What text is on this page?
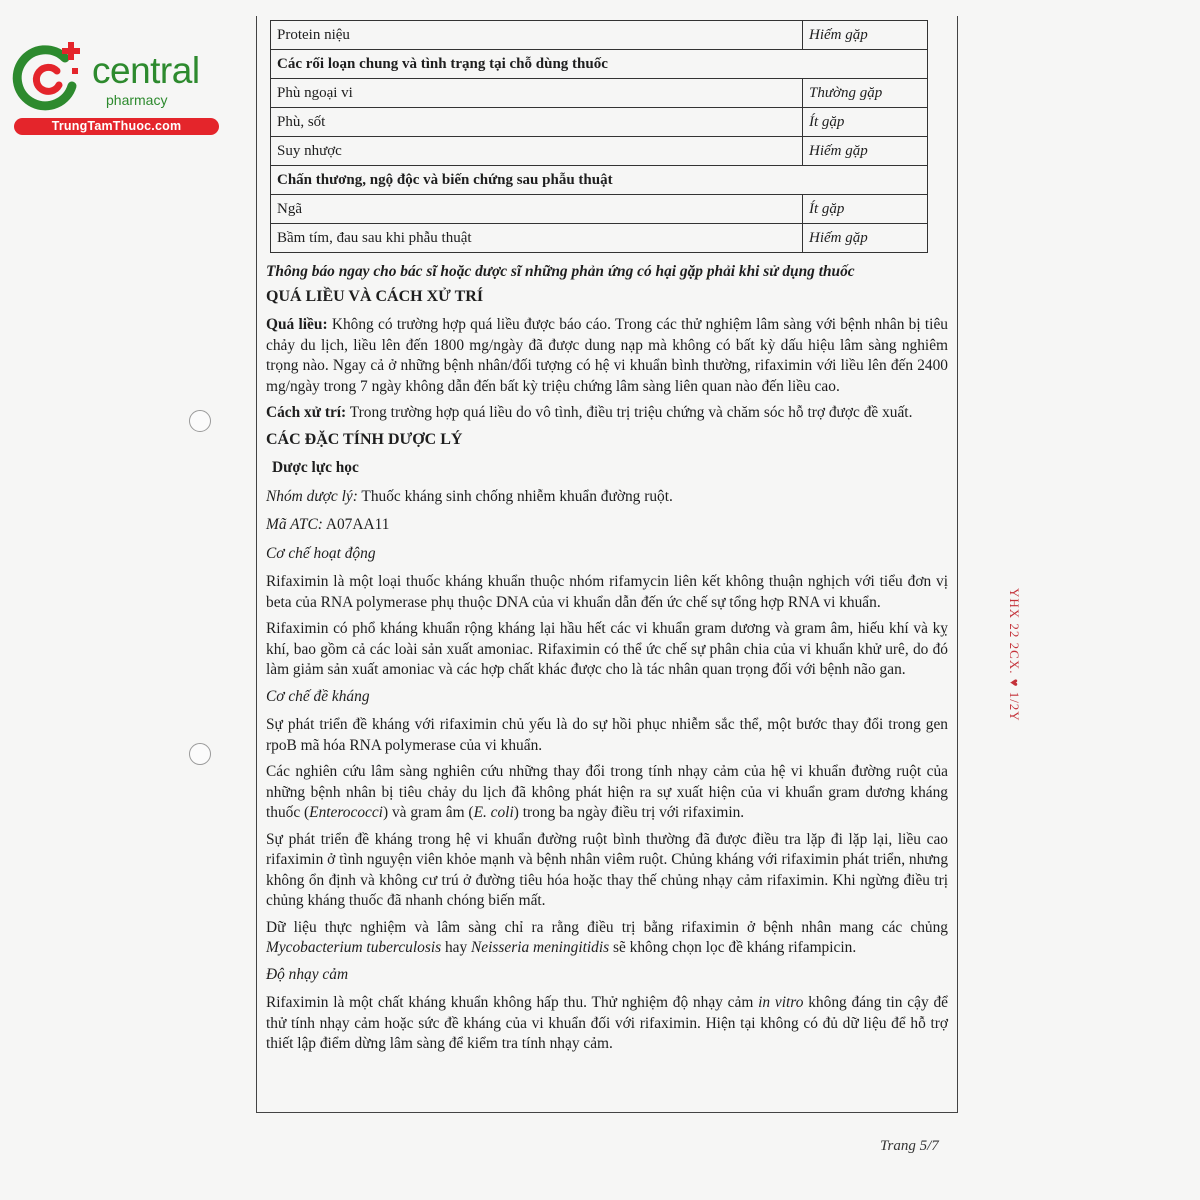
central
pharmacy
TrungTamThuoc.com
Protein niệu	Hiếm gặp
Các rối loạn chung và tình trạng tại chỗ dùng thuốc	
Phù ngoại vi	Thường gặp
Phù, sốt	Ít gặp
Suy nhược	Hiếm gặp
Chấn thương, ngộ độc và biến chứng sau phẫu thuật	
Ngã	Ít gặp
Bầm tím, đau sau khi phẫu thuật	Hiếm gặp

Thông báo ngay cho bác sĩ hoặc dược sĩ những phản ứng có hại gặp phải khi sử dụng thuốc

QUÁ LIỀU VÀ CÁCH XỬ TRÍ

Quá liều: Không có trường hợp quá liều được báo cáo. Trong các thử nghiệm lâm sàng với bệnh nhân bị tiêu chảy du lịch, liều lên đến 1800 mg/ngày đã được dung nạp mà không có bất kỳ dấu hiệu lâm sàng nghiêm trọng nào. Ngay cả ở những bệnh nhân/đối tượng có hệ vi khuẩn bình thường, rifaximin với liều lên đến 2400 mg/ngày trong 7 ngày không dẫn đến bất kỳ triệu chứng lâm sàng liên quan nào đến liều cao.

Cách xử trí: Trong trường hợp quá liều do vô tình, điều trị triệu chứng và chăm sóc hỗ trợ được đề xuất.

CÁC ĐẶC TÍNH DƯỢC LÝ

Dược lực học

Nhóm dược lý: Thuốc kháng sinh chống nhiễm khuẩn đường ruột.

Mã ATC: A07AA11

Cơ chế hoạt động

Rifaximin là một loại thuốc kháng khuẩn thuộc nhóm rifamycin liên kết không thuận nghịch với tiểu đơn vị beta của RNA polymerase phụ thuộc DNA của vi khuẩn dẫn đến ức chế sự tổng hợp RNA vi khuẩn.

Rifaximin có phổ kháng khuẩn rộng kháng lại hầu hết các vi khuẩn gram dương và gram âm, hiếu khí và kỵ khí, bao gồm cả các loài sản xuất amoniac. Rifaximin có thể ức chế sự phân chia của vi khuẩn khử urê, do đó làm giảm sản xuất amoniac và các hợp chất khác được cho là tác nhân quan trọng đối với bệnh não gan.

Cơ chế đề kháng

Sự phát triển đề kháng với rifaximin chủ yếu là do sự hồi phục nhiễm sắc thể, một bước thay đổi trong gen rpoB mã hóa RNA polymerase của vi khuẩn.

Các nghiên cứu lâm sàng nghiên cứu những thay đổi trong tính nhạy cảm của hệ vi khuẩn đường ruột của những bệnh nhân bị tiêu chảy du lịch đã không phát hiện ra sự xuất hiện của vi khuẩn gram dương kháng thuốc (Enterococci) và gram âm (E. coli) trong ba ngày điều trị với rifaximin.

Sự phát triển đề kháng trong hệ vi khuẩn đường ruột bình thường đã được điều tra lặp đi lặp lại, liều cao rifaximin ở tình nguyện viên khỏe mạnh và bệnh nhân viêm ruột. Chủng kháng với rifaximin phát triển, nhưng không ổn định và không cư trú ở đường tiêu hóa hoặc thay thế chủng nhạy cảm rifaximin. Khi ngừng điều trị chủng kháng thuốc đã nhanh chóng biến mất.

Dữ liệu thực nghiệm và lâm sàng chỉ ra rằng điều trị bằng rifaximin ở bệnh nhân mang các chủng Mycobacterium tuberculosis hay Neisseria meningitidis sẽ không chọn lọc đề kháng rifampicin.

Độ nhạy cảm

Rifaximin là một chất kháng khuẩn không hấp thu. Thử nghiệm độ nhạy cảm in vitro không đáng tin cậy để thử tính nhạy cảm hoặc sức đề kháng của vi khuẩn đối với rifaximin. Hiện tại không có đủ dữ liệu để hỗ trợ thiết lập điểm dừng lâm sàng để kiểm tra tính nhạy cảm.

YHX 22 2CX. ♥ 1/2Y
Trang 5/7
